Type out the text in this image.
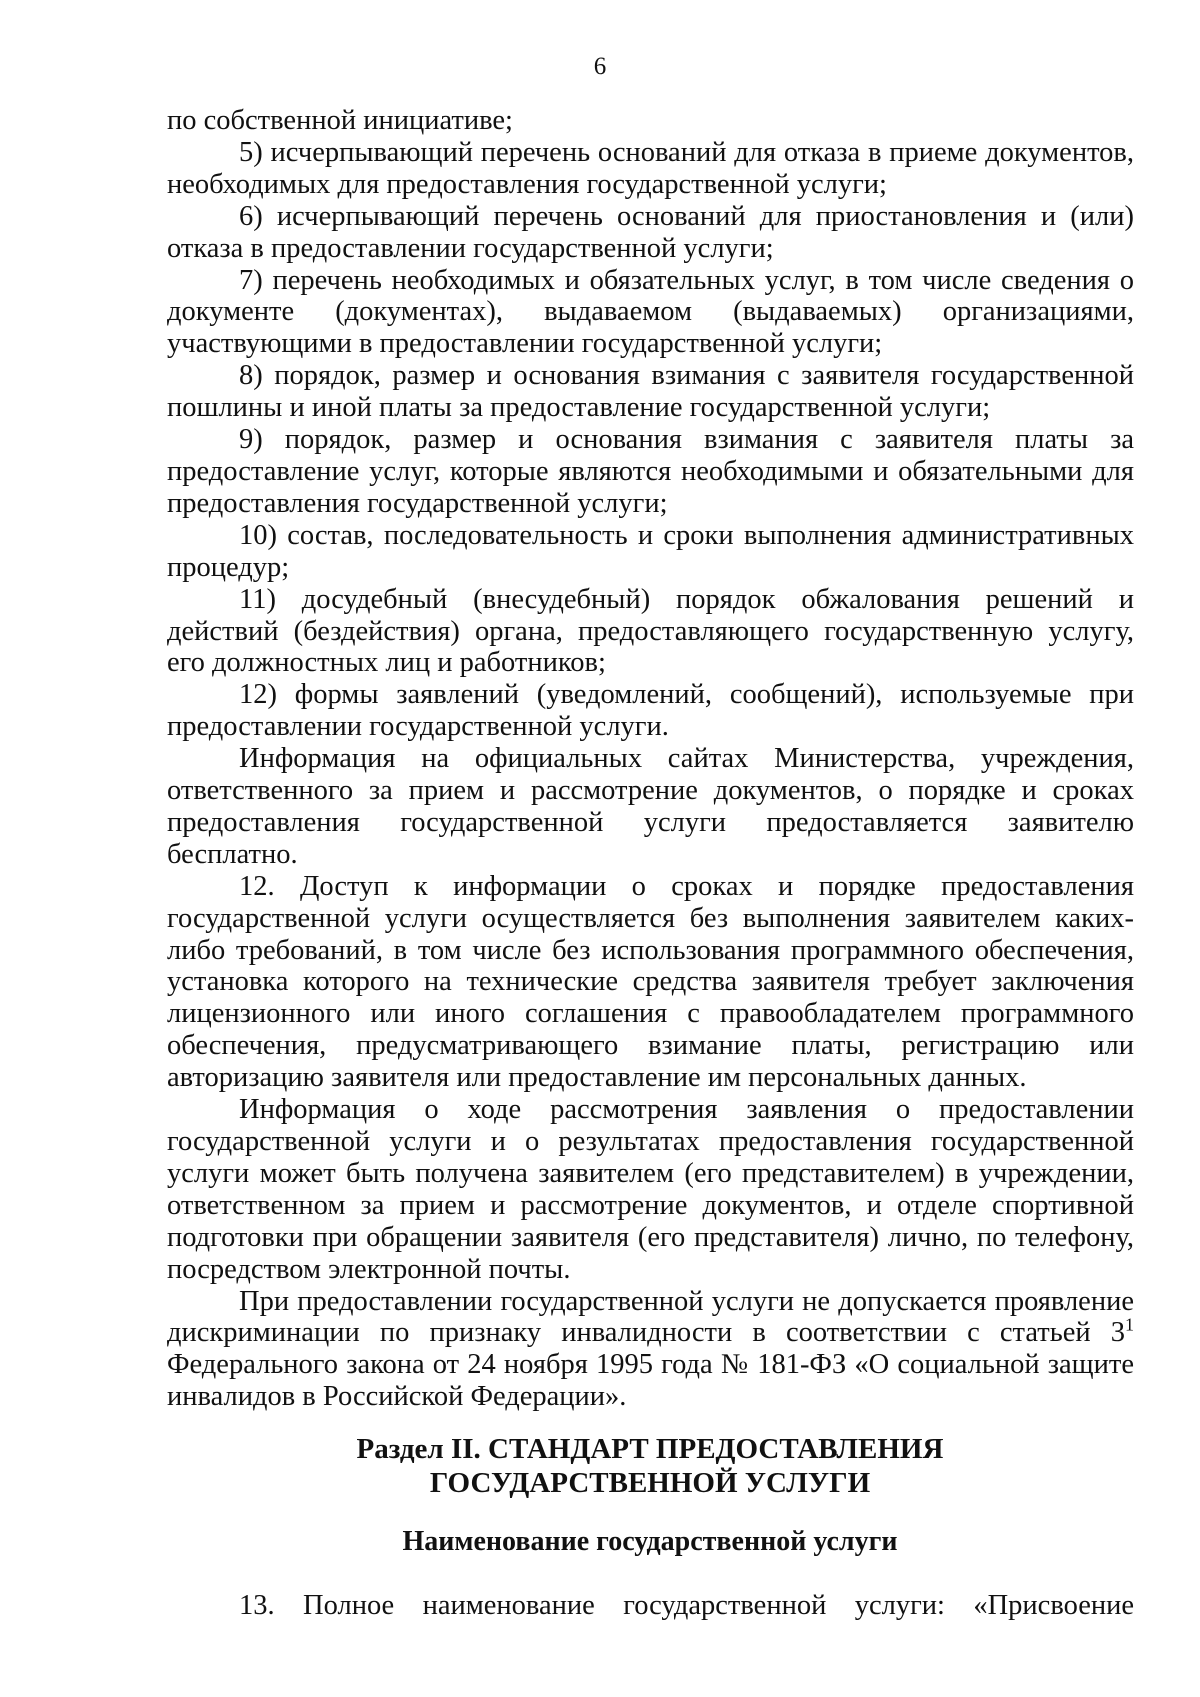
6

по собственной инициативе;

5) исчерпывающий перечень оснований для отказа в приеме документов, необходимых для предоставления государственной услуги;

6) исчерпывающий перечень оснований для приостановления и (или) отказа в предоставлении государственной услуги;

7) перечень необходимых и обязательных услуг, в том числе сведения о документе (документах), выдаваемом (выдаваемых) организациями, участвующими в предоставлении государственной услуги;

8) порядок, размер и основания взимания с заявителя государственной пошлины и иной платы за предоставление государственной услуги;

9) порядок, размер и основания взимания с заявителя платы за предоставление услуг, которые являются необходимыми и обязательными для предоставления государственной услуги;

10) состав, последовательность и сроки выполнения административных процедур;

11) досудебный (внесудебный) порядок обжалования решений и действий (бездействия) органа, предоставляющего государственную услугу, его должностных лиц и работников;

12) формы заявлений (уведомлений, сообщений), используемые при предоставлении государственной услуги.

Информация на официальных сайтах Министерства, учреждения, ответственного за прием и рассмотрение документов, о порядке и сроках предоставления государственной услуги предоставляется заявителю бесплатно.

12. Доступ к информации о сроках и порядке предоставления государственной услуги осуществляется без выполнения заявителем каких-либо требований, в том числе без использования программного обеспечения, установка которого на технические средства заявителя требует заключения лицензионного или иного соглашения с правообладателем программного обеспечения, предусматривающего взимание платы, регистрацию или авторизацию заявителя или предоставление им персональных данных.

Информация о ходе рассмотрения заявления о предоставлении государственной услуги и о результатах предоставления государственной услуги может быть получена заявителем (его представителем) в учреждении, ответственном за прием и рассмотрение документов, и отделе спортивной подготовки при обращении заявителя (его представителя) лично, по телефону, посредством электронной почты.

При предоставлении государственной услуги не допускается проявление дискриминации по признаку инвалидности в соответствии с статьей $3^1$ Федерального закона от 24 ноября 1995 года № 181-ФЗ «О социальной защите инвалидов в Российской Федерации».

Раздел II. СТАНДАРТ ПРЕДОСТАВЛЕНИЯ ГОСУДАРСТВЕННОЙ УСЛУГИ
Наименование государственной услуги

13. Полное наименование государственной услуги: «Присвоение
